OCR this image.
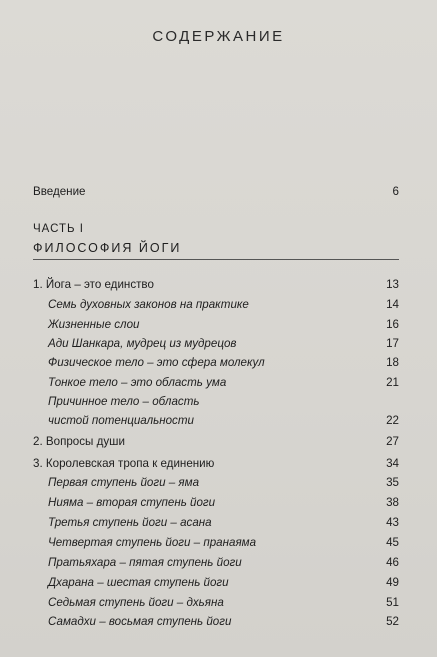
СОДЕРЖАНИЕ
Введение	6
ЧАСТЬ I
ФИЛОСОФИЯ ЙОГИ
1. Йога – это единство	13
Семь духовных законов на практике	14
Жизненные слои	16
Ади Шанкара, мудрец из мудрецов	17
Физическое тело – это сфера молекул	18
Тонкое тело – это область ума	21
Причинное тело – область
чистой потенциальности	22
2. Вопросы души	27
3. Королевская тропа к единению	34
Первая ступень йоги – яма	35
Нияма – вторая ступень йоги	38
Третья ступень йоги – асана	43
Четвертая ступень йоги – пранаяма	45
Пратьяхара – пятая ступень йоги	46
Дхарана – шестая ступень йоги	49
Седьмая ступень йоги – дхьяна	51
Самадхи – восьмая ступень йоги	52
